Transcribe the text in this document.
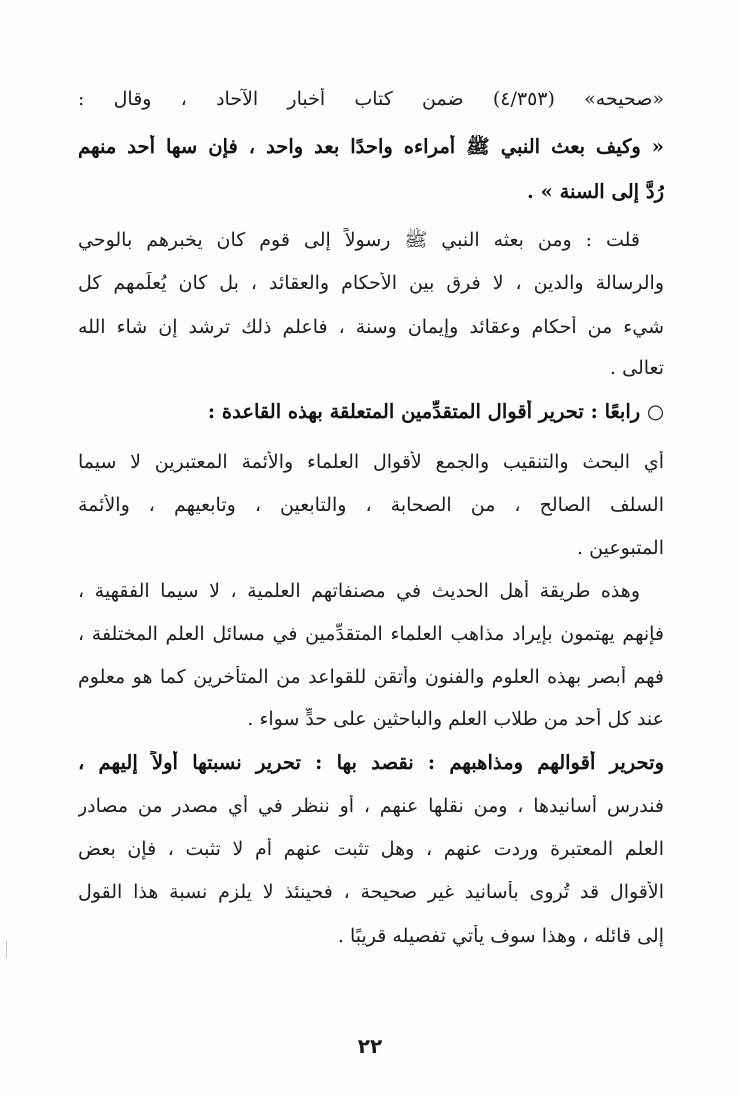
«صحيحه» (٤/٣٥٣) ضمن كتاب أخبار الآحاد ، وقال :
« وكيف بعث النبي ﷺ أمراءه واحدًا بعد واحد ، فإن سها أحد منهم
رُدَّ إلى السنة » .
قلت : ومن بعثه النبي ﷺ رسولاً إلى قوم كان يخبرهم بالوحي
والرسالة والدين ، لا فرق بين الأحكام والعقائد ، بل كان يُعلِّمهم كل
شيء من أحكام وعقائد وإيمان وسنة ، فاعلم ذلك ترشد إن شاء الله
تعالى .
○ رابعًا : تحرير أقوال المتقدِّمين المتعلقة بهذه القاعدة :
أي البحث والتنقيب والجمع لأقوال العلماء والأئمة المعتبرين لا سيما
السلف الصالح ، من الصحابة ، والتابعين ، وتابعيهم ، والأئمة
المتبوعين .
وهذه طريقة أهل الحديث في مصنفاتهم العلمية ، لا سيما الفقهية ،
فإنهم يهتمون بإيراد مذاهب العلماء المتقدِّمين في مسائل العلم المختلفة ،
فهم أبصر بهذه العلوم والفنون وأتقن للقواعد من المتأخرين كما هو معلوم
عند كل أحد من طلاب العلم والباحثين على حدٍّ سواء .
وتحرير أقوالهم ومذاهبهم : نقصد بها : تحرير نسبتها أولاً إليهم ،
فندرس أسانيدها ، ومن نقلها عنهم ، أو ننظر في أي مصدر من مصادر
العلم المعتبرة وردت عنهم ، وهل تثبت عنهم أم لا تثبت ، فإن بعض
الأقوال قد تُروى بأسانيد غير صحيحة ، فحينئذ لا يلزم نسبة هذا القول
إلى قائله ، وهذا سوف يأتي تفصيله قريبًا .
٢٢
